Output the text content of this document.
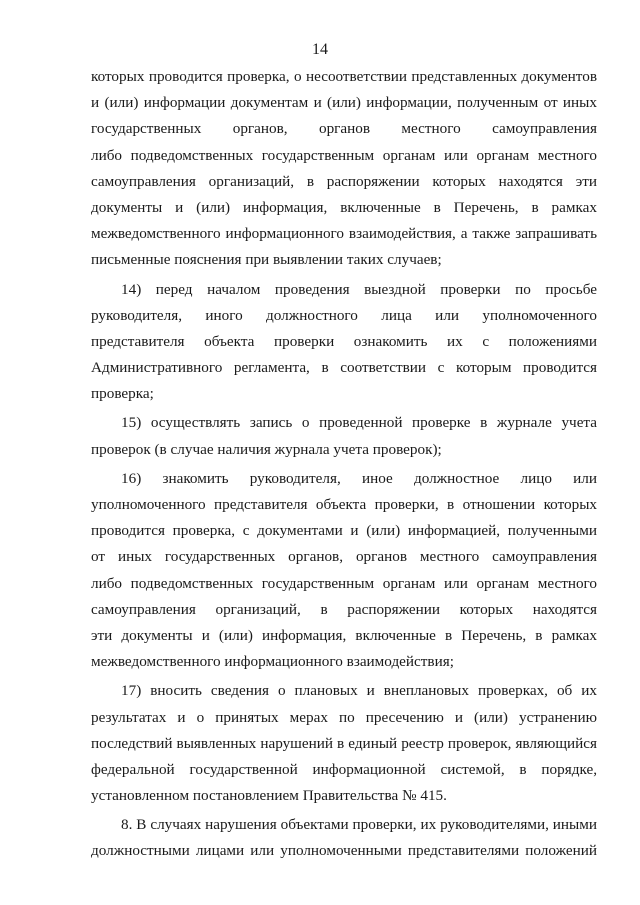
14
которых проводится проверка, о несоответствии представленных документов
и (или) информации документам и (или) информации, полученным от иных
государственных органов, органов местного самоуправления
либо подведомственных государственным органам или органам местного
самоуправления организаций, в распоряжении которых находятся эти
документы и (или) информация, включенные в Перечень, в рамках
межведомственного информационного взаимодействия, а также запрашивать
письменные пояснения при выявлении таких случаев;
14) перед началом проведения выездной проверки по просьбе
руководителя, иного должностного лица или уполномоченного
представителя объекта проверки ознакомить их с положениями
Административного регламента, в соответствии с которым проводится
проверка;
15) осуществлять запись о проведенной проверке в журнале учета
проверок (в случае наличия журнала учета проверок);
16) знакомить руководителя, иное должностное лицо или
уполномоченного представителя объекта проверки, в отношении которых
проводится проверка, с документами и (или) информацией, полученными
от иных государственных органов, органов местного самоуправления
либо подведомственных государственным органам или органам местного
самоуправления организаций, в распоряжении которых находятся
эти документы и (или) информация, включенные в Перечень, в рамках
межведомственного информационного взаимодействия;
17) вносить сведения о плановых и внеплановых проверках, об их
результатах и о принятых мерах по пресечению и (или) устранению
последствий выявленных нарушений в единый реестр проверок, являющийся
федеральной государственной информационной системой, в порядке,
установленном постановлением Правительства № 415.
8. В случаях нарушения объектами проверки, их руководителями, иными
должностными лицами или уполномоченными представителями положений
